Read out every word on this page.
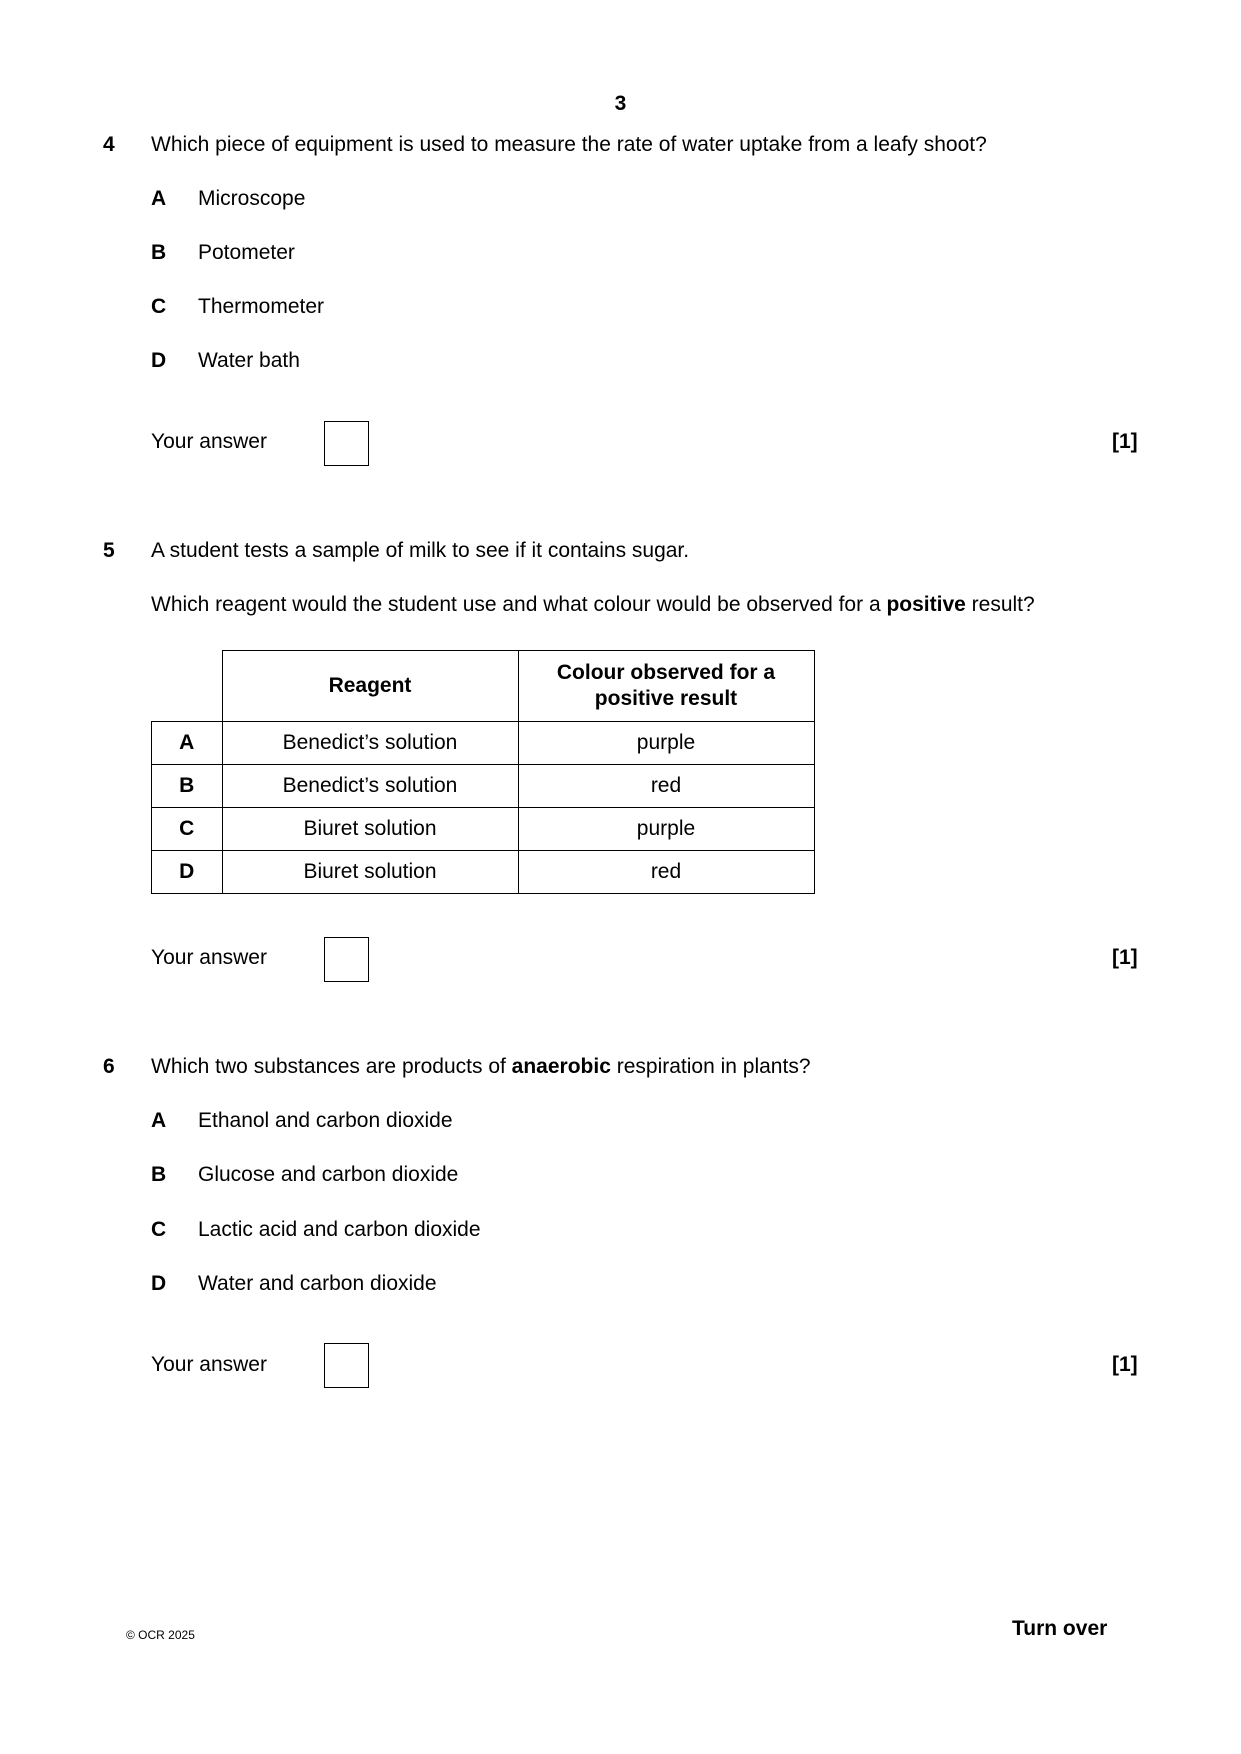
3
4 Which piece of equipment is used to measure the rate of water uptake from a leafy shoot?
A Microscope
B Potometer
C Thermometer
D Water bath
Your answer	[1]
5 A student tests a sample of milk to see if it contains sugar.
Which reagent would the student use and what colour would be observed for a positive result?
	Reagent	Colour observed for a
positive result
A	Benedict’s solution	purple
B	Benedict’s solution	red
C	Biuret solution	purple
D	Biuret solution	red
Your answer	[1]
6 Which two substances are products of anaerobic respiration in plants?
A Ethanol and carbon dioxide
B Glucose and carbon dioxide
C Lactic acid and carbon dioxide
D Water and carbon dioxide
Your answer	[1]
© OCR 2025	Turn over
